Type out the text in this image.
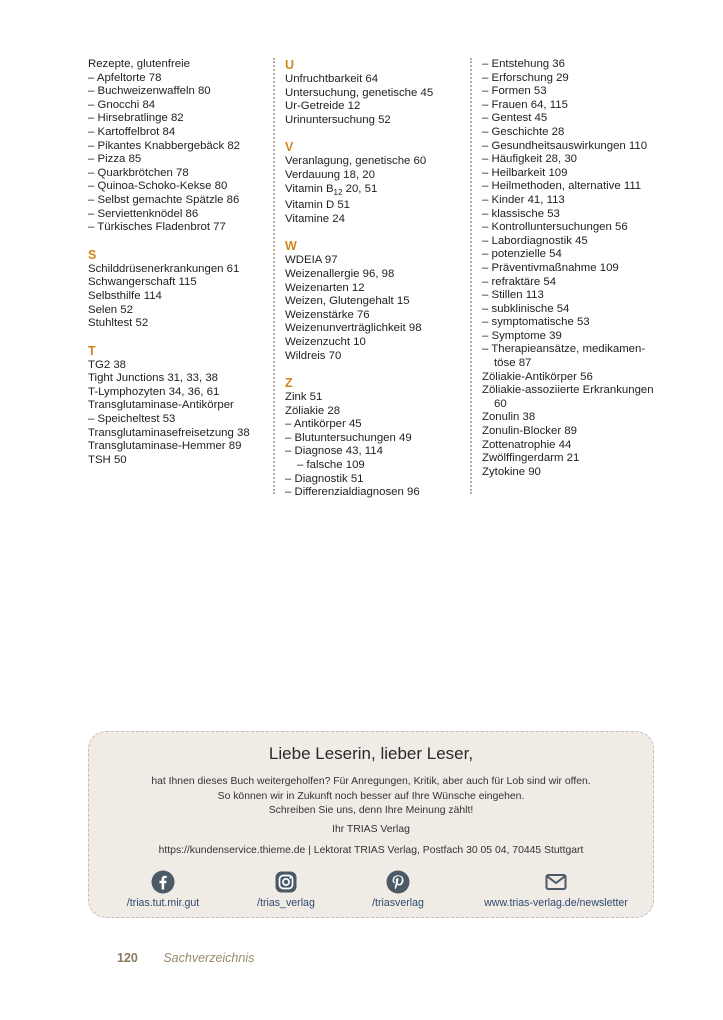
Rezepte, glutenfreie
– Apfeltorte 78
– Buchweizenwaffeln 80
– Gnocchi 84
– Hirsebratlinge 82
– Kartoffelbrot 84
– Pikantes Knabbergebäck 82
– Pizza 85
– Quarkbrötchen 78
– Quinoa-Schoko-Kekse 80
– Selbst gemachte Spätzle 86
– Serviettenknödel 86
– Türkisches Fladenbrot 77
S
Schilddrüsenerkrankungen 61
Schwangerschaft 115
Selbsthilfe 114
Selen 52
Stuhltest 52
T
TG2 38
Tight Junctions 31, 33, 38
T-Lymphozyten 34, 36, 61
Transglutaminase-Antikörper
– Speicheltest 53
Transglutaminasefreisetzung 38
Transglutaminase-Hemmer 89
TSH 50
U
Unfruchtbarkeit 64
Untersuchung, genetische 45
Ur-Getreide 12
Urinuntersuchung 52
V
Veranlagung, genetische 60
Verdauung 18, 20
Vitamin $B_{12}$ 20, 51
Vitamin D 51
Vitamine 24
W
WDEIA 97
Weizenallergie 96, 98
Weizenarten 12
Weizen, Glutengehalt 15
Weizenstärke 76
Weizenunverträglichkeit 98
Weizenzucht 10
Wildreis 70
Z
Zink 51
Zöliakie 28
– Antikörper 45
– Blutuntersuchungen 49
– Diagnose 43, 114
– falsche 109
– Diagnostik 51
– Differenzialdiagnosen 96
– Entstehung 36
– Erforschung 29
– Formen 53
– Frauen 64, 115
– Gentest 45
– Geschichte 28
– Gesundheitsauswirkungen 110
– Häufigkeit 28, 30
– Heilbarkeit 109
– Heilmethoden, alternative 111
– Kinder 41, 113
– klassische 53
– Kontrolluntersuchungen 56
– Labordiagnostik 45
– potenzielle 54
– Präventivmaßnahme 109
– refraktäre 54
– Stillen 113
– subklinische 54
– symptomatische 53
– Symptome 39
– Therapieansätze, medikamen-
töse 87
Zöliakie-Antikörper 56
Zöliakie-assoziierte Erkrankungen
60
Zonulin 38
Zonulin-Blocker 89
Zottenatrophie 44
Zwölffingerdarm 21
Zytokine 90
Liebe Leserin, lieber Leser,
hat Ihnen dieses Buch weitergeholfen? Für Anregungen, Kritik, aber auch für Lob sind wir offen.
So können wir in Zukunft noch besser auf Ihre Wünsche eingehen.
Schreiben Sie uns, denn Ihre Meinung zählt!
Ihr TRIAS Verlag
https://kundenservice.thieme.de | Lektorat TRIAS Verlag, Postfach 30 05 04, 70445 Stuttgart
/trias.tut.mir.gut	/trias_verlag	/triasverlag	www.trias-verlag.de/newsletter
120 Sachverzeichnis
